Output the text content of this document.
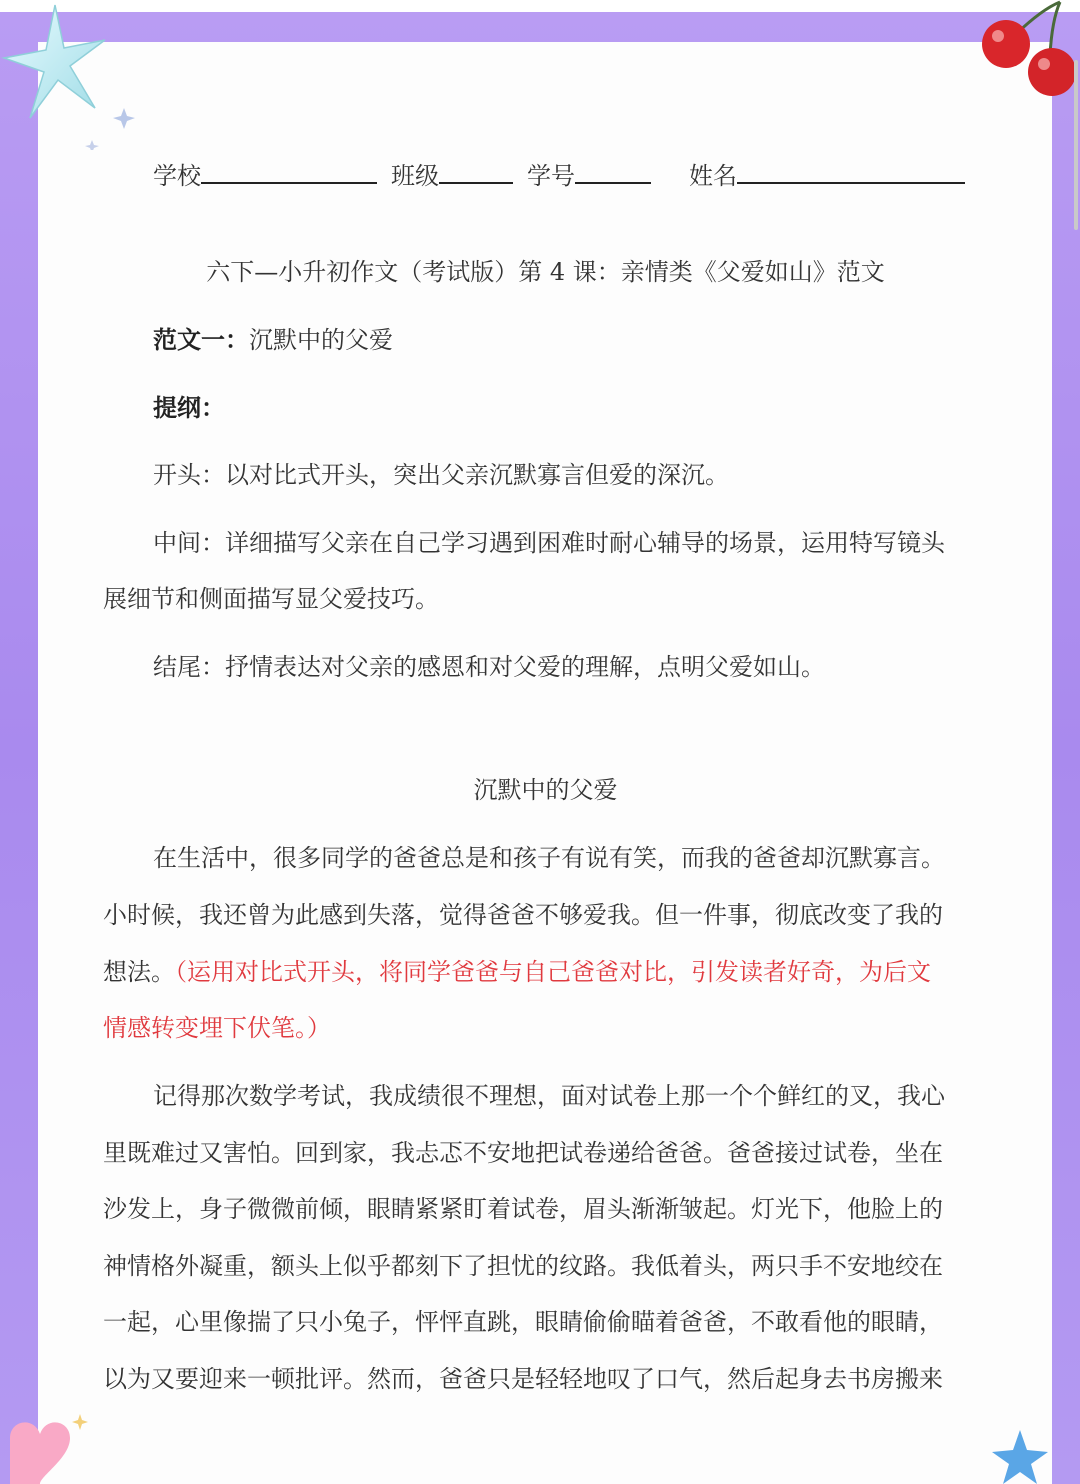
学校	班级	学号	姓名

六下—小升初作文（考试版）第 4 课：亲情类《父爱如山》范文

范文一：沉默中的父爱

提纲：

开头：以对比式开头，突出父亲沉默寡言但爱的深沉。

中间：详细描写父亲在自己学习遇到困难时耐心辅导的场景，运用特写镜头

展细节和侧面描写显父爱技巧。

结尾：抒情表达对父亲的感恩和对父爱的理解，点明父爱如山。

沉默中的父爱

在生活中，很多同学的爸爸总是和孩子有说有笑，而我的爸爸却沉默寡言。

小时候，我还曾为此感到失落，觉得爸爸不够爱我。但一件事，彻底改变了我的

想法。（运用对比式开头，将同学爸爸与自己爸爸对比，引发读者好奇，为后文

情感转变埋下伏笔。）

记得那次数学考试，我成绩很不理想，面对试卷上那一个个鲜红的叉，我心

里既难过又害怕。回到家，我忐忑不安地把试卷递给爸爸。爸爸接过试卷，坐在

沙发上，身子微微前倾，眼睛紧紧盯着试卷，眉头渐渐皱起。灯光下，他脸上的

神情格外凝重，额头上似乎都刻下了担忧的纹路。我低着头，两只手不安地绞在

一起，心里像揣了只小兔子，怦怦直跳，眼睛偷偷瞄着爸爸，不敢看他的眼睛，

以为又要迎来一顿批评。然而，爸爸只是轻轻地叹了口气，然后起身去书房搬来
